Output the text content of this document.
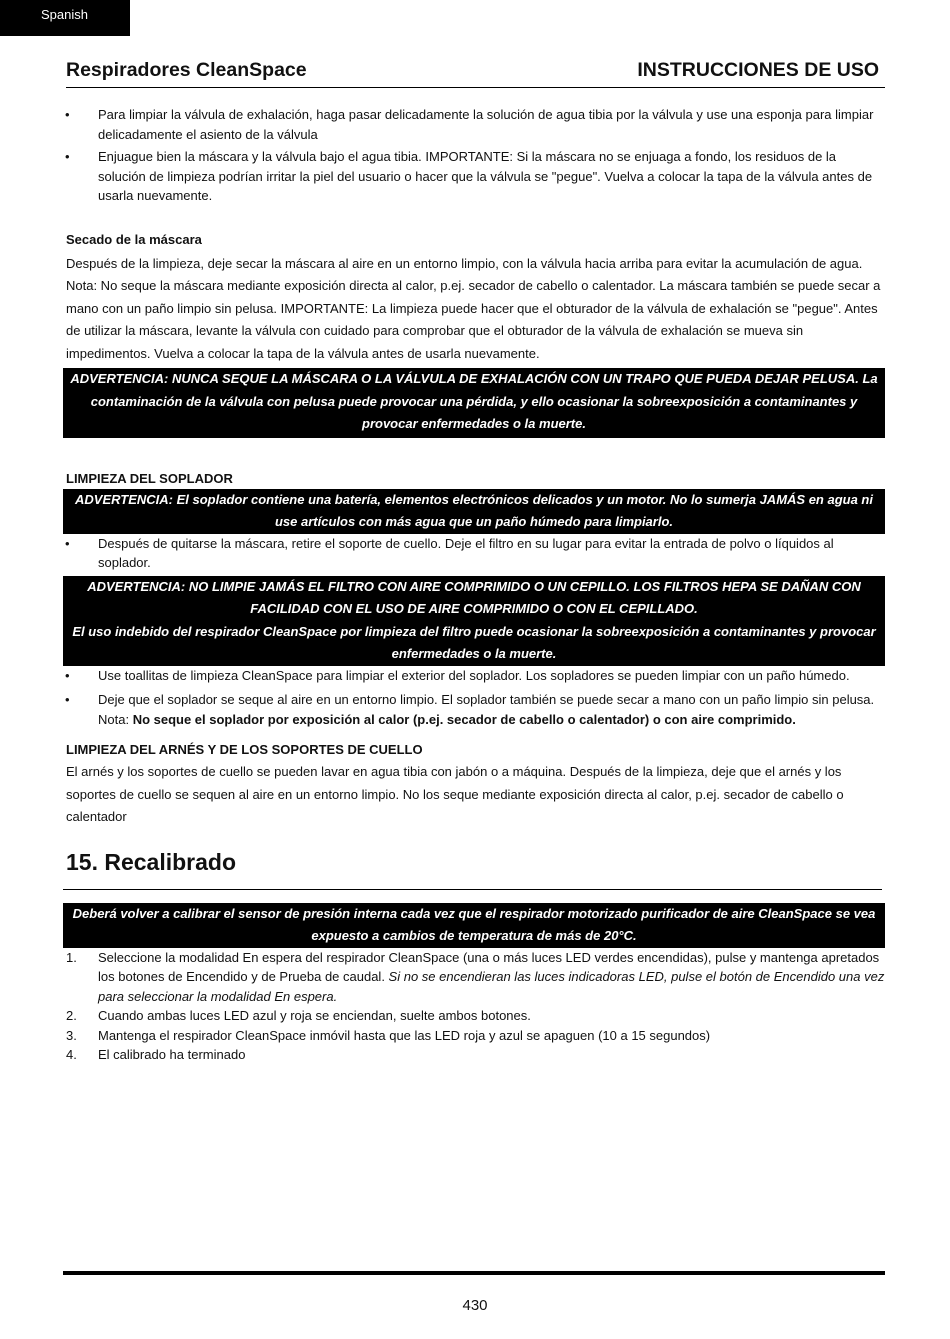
Spanish
Respiradores CleanSpace	INSTRUCCIONES DE USO
• Para limpiar la válvula de exhalación, haga pasar delicadamente la solución de agua tibia por la válvula y use una esponja para limpiar delicadamente el asiento de la válvula
• Enjuague bien la máscara y la válvula bajo el agua tibia. IMPORTANTE: Si la máscara no se enjuaga a fondo, los residuos de la solución de limpieza podrían irritar la piel del usuario o hacer que la válvula se "pegue". Vuelva a colocar la tapa de la válvula antes de usarla nuevamente.
Secado de la máscara
Después de la limpieza, deje secar la máscara al aire en un entorno limpio, con la válvula hacia arriba para evitar la acumulación de agua. Nota: No seque la máscara mediante exposición directa al calor, p.ej. secador de cabello o calentador. La máscara también se puede secar a mano con un paño limpio sin pelusa. IMPORTANTE: La limpieza puede hacer que el obturador de la válvula de exhalación se "pegue". Antes de utilizar la máscara, levante la válvula con cuidado para comprobar que el obturador de la válvula de exhalación se mueva sin impedimentos. Vuelva a colocar la tapa de la válvula antes de usarla nuevamente.
ADVERTENCIA: NUNCA SEQUE LA MÁSCARA O LA VÁLVULA DE EXHALACIÓN CON UN TRAPO QUE PUEDA DEJAR PELUSA. La contaminación de la válvula con pelusa puede provocar una pérdida, y ello ocasionar la sobreexposición a contaminantes y provocar enfermedades o la muerte.
LIMPIEZA DEL SOPLADOR
ADVERTENCIA: El soplador contiene una batería, elementos electrónicos delicados y un motor. No lo sumerja JAMÁS en agua ni use artículos con más agua que un paño húmedo para limpiarlo.
• Después de quitarse la máscara, retire el soporte de cuello. Deje el filtro en su lugar para evitar la entrada de polvo o líquidos al soplador.
ADVERTENCIA: NO LIMPIE JAMÁS EL FILTRO CON AIRE COMPRIMIDO O UN CEPILLO. LOS FILTROS HEPA SE DAÑAN CON FACILIDAD CON EL USO DE AIRE COMPRIMIDO O CON EL CEPILLADO.
El uso indebido del respirador CleanSpace por limpieza del filtro puede ocasionar la sobreexposición a contaminantes y provocar enfermedades o la muerte.
• Use toallitas de limpieza CleanSpace para limpiar el exterior del soplador. Los sopladores se pueden limpiar con un paño húmedo.
• Deje que el soplador se seque al aire en un entorno limpio. El soplador también se puede secar a mano con un paño limpio sin pelusa. Nota: No seque el soplador por exposición al calor (p.ej. secador de cabello o calentador) o con aire comprimido.
LIMPIEZA DEL ARNÉS Y DE LOS SOPORTES DE CUELLO
El arnés y los soportes de cuello se pueden lavar en agua tibia con jabón o a máquina. Después de la limpieza, deje que el arnés y los soportes de cuello se sequen al aire en un entorno limpio. No los seque mediante exposición directa al calor, p.ej. secador de cabello o calentador
15. Recalibrado
Deberá volver a calibrar el sensor de presión interna cada vez que el respirador motorizado purificador de aire CleanSpace se vea expuesto a cambios de temperatura de más de 20°C.
1. Seleccione la modalidad En espera del respirador CleanSpace (una o más luces LED verdes encendidas), pulse y mantenga apretados los botones de Encendido y de Prueba de caudal. Si no se encendieran las luces indicadoras LED, pulse el botón de Encendido una vez para seleccionar la modalidad En espera.
2. Cuando ambas luces LED azul y roja se enciendan, suelte ambos botones.
3. Mantenga el respirador CleanSpace inmóvil hasta que las LED roja y azul se apaguen (10 a 15 segundos)
4. El calibrado ha terminado
430
